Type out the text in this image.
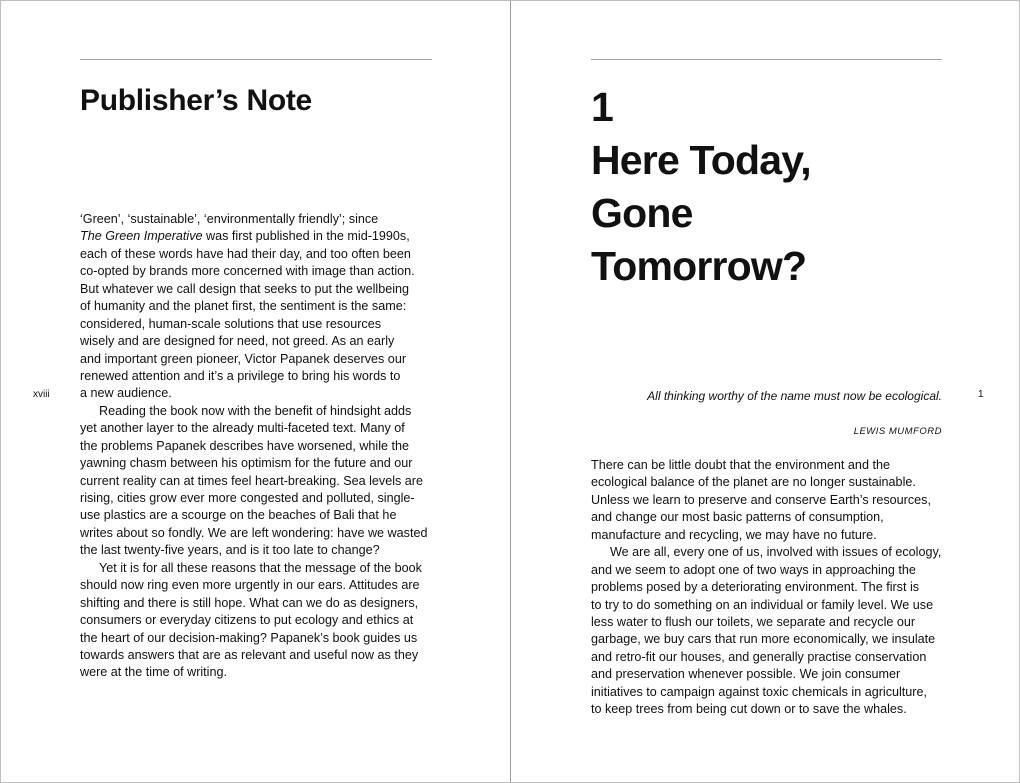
Publisher’s Note
‘Green’, ‘sustainable’, ‘environmentally friendly’; since
The Green Imperative was first published in the mid-1990s,
each of these words have had their day, and too often been
co-opted by brands more concerned with image than action.
But whatever we call design that seeks to put the wellbeing
of humanity and the planet first, the sentiment is the same:
considered, human-scale solutions that use resources
wisely and are designed for need, not greed. As an early
and important green pioneer, Victor Papanek deserves our
renewed attention and it’s a privilege to bring his words to
a new audience.
Reading the book now with the benefit of hindsight adds
yet another layer to the already multi-faceted text. Many of
the problems Papanek describes have worsened, while the
yawning chasm between his optimism for the future and our
current reality can at times feel heart-breaking. Sea levels are
rising, cities grow ever more congested and polluted, single-
use plastics are a scourge on the beaches of Bali that he
writes about so fondly. We are left wondering: have we wasted
the last twenty-five years, and is it too late to change?
Yet it is for all these reasons that the message of the book
should now ring even more urgently in our ears. Attitudes are
shifting and there is still hope. What can we do as designers,
consumers or everyday citizens to put ecology and ethics at
the heart of our decision-making? Papanek’s book guides us
towards answers that are as relevant and useful now as they
were at the time of writing.
xviii
1
Here Today,
Gone
Tomorrow?
All thinking worthy of the name must now be ecological.
LEWIS MUMFORD
There can be little doubt that the environment and the
ecological balance of the planet are no longer sustainable.
Unless we learn to preserve and conserve Earth’s resources,
and change our most basic patterns of consumption,
manufacture and recycling, we may have no future.
We are all, every one of us, involved with issues of ecology,
and we seem to adopt one of two ways in approaching the
problems posed by a deteriorating environment. The first is
to try to do something on an individual or family level. We use
less water to flush our toilets, we separate and recycle our
garbage, we buy cars that run more economically, we insulate
and retro-fit our houses, and generally practise conservation
and preservation whenever possible. We join consumer
initiatives to campaign against toxic chemicals in agriculture,
to keep trees from being cut down or to save the whales.
1
